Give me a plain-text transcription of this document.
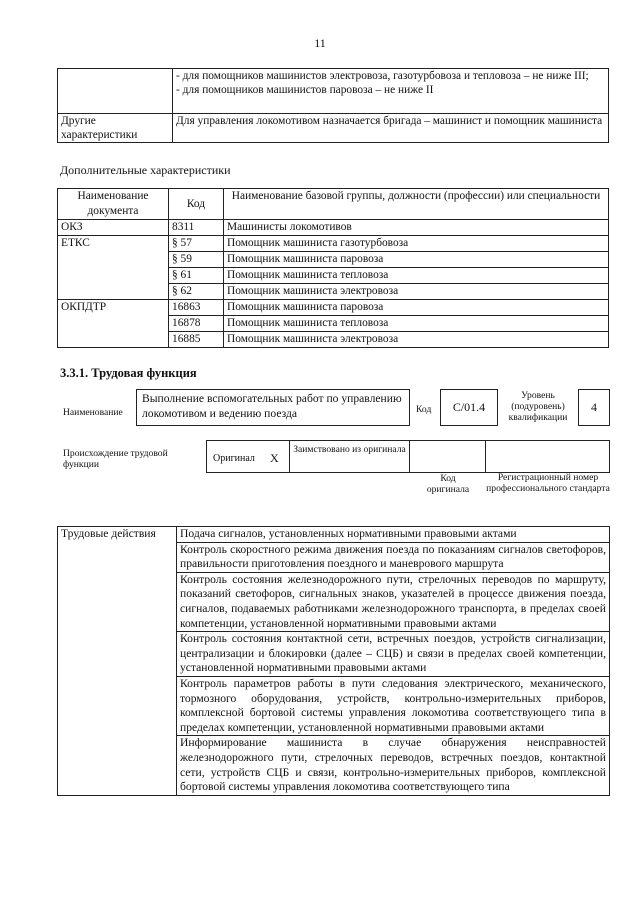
11
	- для помощников машинистов электровоза, газотурбовоза и тепловоза – не ниже III;
- для помощников машинистов паровоза – не ниже II
Другие характеристики	Для управления локомотивом назначается бригада – машинист и помощник машиниста
Дополнительные характеристики
Наименование документа	Код	Наименование базовой группы, должности (профессии) или специальности
ОКЗ	8311	Машинисты локомотивов
ЕТКС	§ 57	Помощник машиниста газотурбовоза
	§ 59	Помощник машиниста паровоза
	§ 61	Помощник машиниста тепловоза
	§ 62	Помощник машиниста электровоза
ОКПДТР	16863	Помощник машиниста паровоза
	16878	Помощник машиниста тепловоза
	16885	Помощник машиниста электровоза
3.3.1. Трудовая функция
Наименование
Выполнение вспомогательных работ по управлению локомотивом и ведению поезда	Код	С/01.4
Уровень (подуровень) квалификации
4
Происхождение трудовой функции
Оригинал X
Заимствовано из оригинала
Код оригинала
Регистрационный номер профессионального стандарта
Трудовые действия	Подача сигналов, установленных нормативными правовыми актами
Контроль скоростного режима движения поезда по показаниям сигналов светофоров, правильности приготовления поездного и маневрового маршрута
Контроль состояния железнодорожного пути, стрелочных переводов по маршруту, показаний светофоров, сигнальных знаков, указателей в процессе движения поезда, сигналов, подаваемых работниками железнодорожного транспорта, в пределах своей компетенции, установленной нормативными правовыми актами
Контроль состояния контактной сети, встречных поездов, устройств сигнализации, централизации и блокировки (далее – СЦБ) и связи в пределах своей компетенции, установленной нормативными правовыми актами
Контроль параметров работы в пути следования электрического, механического, тормозного оборудования, устройств, контрольно-измерительных приборов, комплексной бортовой системы управления локомотива соответствующего типа в пределах компетенции, установленной нормативными правовыми актами
Информирование машиниста в случае обнаружения неисправностей железнодорожного пути, стрелочных переводов, встречных поездов, контактной сети, устройств СЦБ и связи, контрольно-измерительных приборов, комплексной бортовой системы управления локомотива соответствующего типа
